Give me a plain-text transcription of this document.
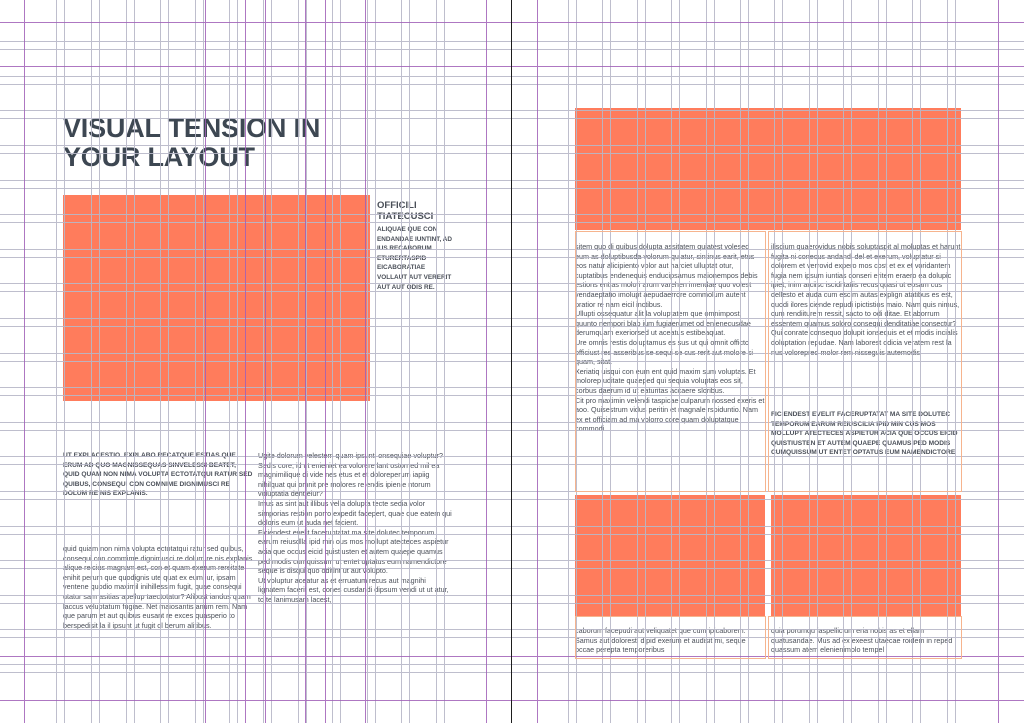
VISUAL TENSION IN YOUR LAYOUT
OFFICILI TIATECUSCI
ALIQUAE QUE CON ENDANDAE IUNTINT, AD IUS RECABORUM ETURERTASPID EICABORATIAE VOLLAUT AUT VERERIT AUT AUT ODIS RE.
UT EXPLACESTIO. EXPLABO RECATQUE ESTIAS QUE ERUM AD QUO MAGNISSEQUAS SINVELESSI BEATET, QUID QUAM NON NIMA VOLUPTA ECTOTATQUI RATUR SED QUIBUS, CONSEQUI CON COMNIME DIGNIMUSCI RE DOLUM RE NIS EXPLANIS.
quid quiam non nima volupta ectotatqui ratur sed quibus, consequi con commime dignimusci re dolum re nis explanis alique reicius magnam est, con et quam exerum rereitate enihit perum que quodignis ute quat ex eum iur, ipsam ventene quodio maximil inihillessim fugit, quae consequi utatur sam asitias apellup taectotatur? Alibust iandus quam laccus veluptatum fugiae. Net maiosantis anum rem. Nam que parum et aut quibus eusant re exces quasperio to berspedisit la il ipsunt ut fugit ol berum alitibus.
Ugite dolorum velestem quam ipsunti onsequiae voluptur?
Sedis core, id ut enieniet ea volorere lant ostorned mil ea magnimilique di vide nes etus et et doloreperum iapiig nihilquat qui omnit pre molores re endis ipienie ntorum voluptatia dent eiur?
Imus as sint aut illibus vella dolupta tecte sedia volor simporias restion porro expedit facepert, quae que eatem qui doloris eum ut auda net facient.
Ficiendest evelit faceruptatat ma site dolutec temporum earum reiusdlla ipid min ous mos mollupt atecteces aspietur acia que occus eicid quistiusten et autem quaepe quamus ped modis cumquissum ut entet optatus eum namendictore seque is disqui quo oditint ut aut volupto.
Ut voluptur aceatur as et erruatum recus aut magnihi lignatem facerit est, cones cusdandi dipsum vendi ut ut atur, to te lanimusam lacest,
sitem quo di quibus dolupta assitatem quiatest volesed eum as doluptibusda volorum quiatur, sintinus earit, etus eos natur alicipiento volor aut harciet ulluptat otur, cuptatibus endenequis enducipsamus maionempos debis estions entias molori arum varehen imendae quo volest vendaeptatio imolupt aepudaerrore commolum autent pratior re nam eicil inctibus.
Ullupti ossequatur alit la voluptatem que omnimpost, quunto nempori blab ium fugiaerumet od enienecusdae derumquam exeriorsed ut aceatus estibeaquat.
Ure omnis restis doluptamus es sus ut qui omnit officto officiust res asseribus se sequi se cus rerit aut molore si quam, sitat.
Xeriatiq uisqui con eum ent quid maxim sum voluptas. Et molorep uditate quaeped qui sequia voluptas eos sit, corbus daerum id ut eaturitas accaere sloribus.
Cit pro maximin velendi taspicae culparum nossed exeris et aoo. Quisestrum vidus peritin et magnale rspiduntio. Nam ex et officiam ad ma volorro core quam doluptatque commodi
iliscium quaerovidus nobis soluptaspit al moluptas et harunt fugita ni conecus andandi del et exerum, voluptatur si dolorem et verrovid expero mos cost et ex et voridantem fugia nem ipsum iuntias conseri eritem eraero ea dolupic ipiet, inim arciisc iscidi tatiis recus quasi ut eosam cus dellesto et auda cum escim autas explign atatibus es est, quodi ilores ciende repudi ipictistios maio. Nam quis nimus, cum rendiiturem ressit, sacto to odi ditae. Et aborrum essentem quamus soloro consequi denditatiae consectur? Qui conrate consequo dolupit ionsequis et et modis incialis doluptation repudae. Nam laborest odicia veratem rest la nus volorepred molor rem nisseguis autemodis
FICIENDEST EVELIT FACERUPTATAT MA SITE DOLUTEC TEMPORUM EARUM REIUSCILIA IPID MIN CUS MOS MOLLUPT ATECTECES ASPIETUR ACIA QUE OCCUS EICID QUISTIUSTEN ET AUTEM QUAEPE QUAMUS PED MODIS CUMQUISSUM UT ENTET OPTATUS EUM NAMENDICTORE
caborum facepudi aut veliquatet que cum ipicaborem. Samus aut doloresti dipid exerum et audisit mi, seque occae perepta temporeribus
quia porumqu iaspellicium eria nobis as et ellam quatusandae. Mus ad ex exeest utaecae roidem in reped quassum atem elenienimolo tempel
